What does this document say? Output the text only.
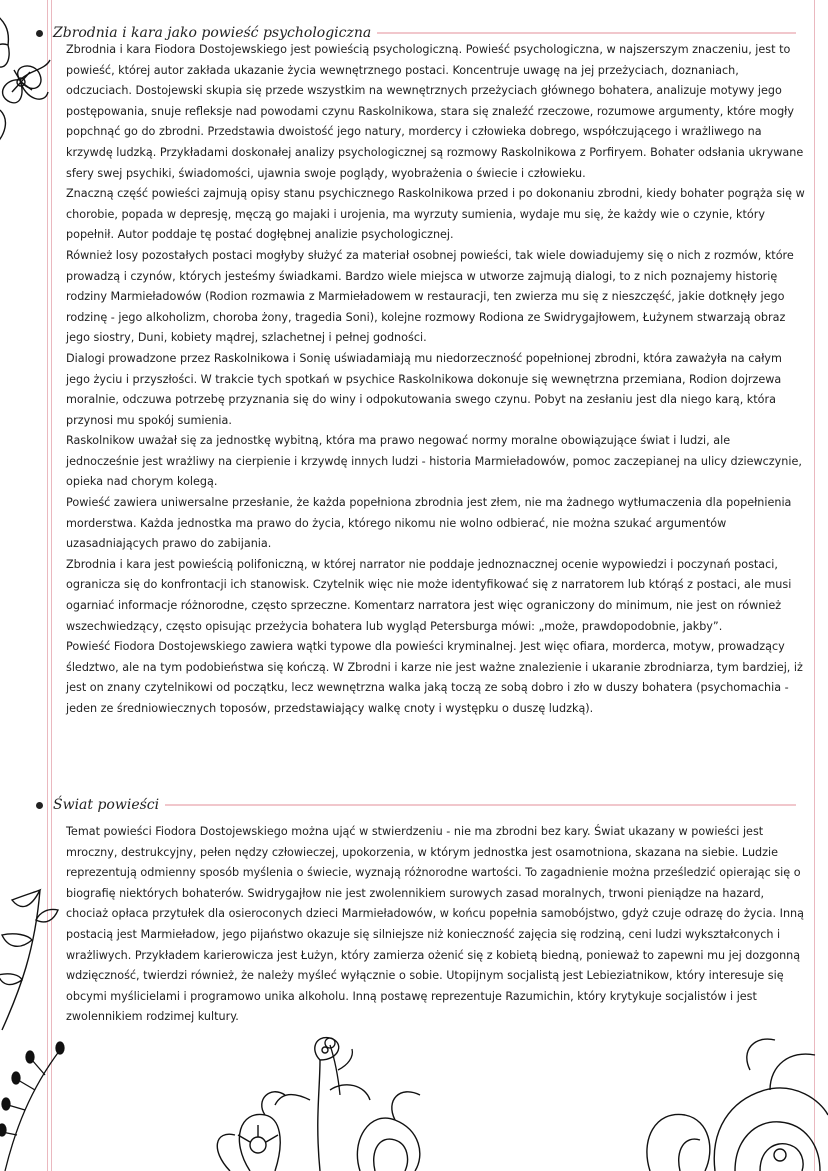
Zbrodnia i kara jako powieść psychologiczna

Zbrodnia i kara Fiodora Dostojewskiego jest powieścią psychologiczną. Powieść psychologiczna, w najszerszym znaczeniu, jest to powieść, której autor zakłada ukazanie życia wewnętrznego postaci. Koncentruje uwagę na jej przeżyciach, doznaniach, odczuciach. Dostojewski skupia się przede wszystkim na wewnętrznych przeżyciach głównego bohatera, analizuje motywy jego postępowania, snuje refleksje nad powodami czynu Raskolnikowa, stara się znaleźć rzeczowe, rozumowe argumenty, które mogły popchnąć go do zbrodni. Przedstawia dwoistość jego natury, mordercy i człowieka dobrego, współczującego i wrażliwego na krzywdę ludzką. Przykładami doskonałej analizy psychologicznej są rozmowy Raskolnikowa z Porfiryem. Bohater odsłania ukrywane sfery swej psychiki, świadomości, ujawnia swoje poglądy, wyobrażenia o świecie i człowieku.

Znaczną część powieści zajmują opisy stanu psychicznego Raskolnikowa przed i po dokonaniu zbrodni, kiedy bohater pogrąża się w chorobie, popada w depresję, męczą go majaki i urojenia, ma wyrzuty sumienia, wydaje mu się, że każdy wie o czynie, który popełnił. Autor poddaje tę postać dogłębnej analizie psychologicznej.

Również losy pozostałych postaci mogłyby służyć za materiał osobnej powieści, tak wiele dowiadujemy się o nich z rozmów, które prowadzą i czynów, których jesteśmy świadkami. Bardzo wiele miejsca w utworze zajmują dialogi, to z nich poznajemy historię rodziny Marmieładowów (Rodion rozmawia z Marmieładowem w restauracji, ten zwierza mu się z nieszczęść, jakie dotknęły jego rodzinę - jego alkoholizm, choroba żony, tragedia Soni), kolejne rozmowy Rodiona ze Swidrygajłowem, Łużynem stwarzają obraz jego siostry, Duni, kobiety mądrej, szlachetnej i pełnej godności.

Dialogi prowadzone przez Raskolnikowa i Sonię uświadamiają mu niedorzeczność popełnionej zbrodni, która zaważyła na całym jego życiu i przyszłości. W trakcie tych spotkań w psychice Raskolnikowa dokonuje się wewnętrzna przemiana, Rodion dojrzewa moralnie, odczuwa potrzebę przyznania się do winy i odpokutowania swego czynu. Pobyt na zesłaniu jest dla niego karą, która przynosi mu spokój sumienia.

Raskolnikow uważał się za jednostkę wybitną, która ma prawo negować normy moralne obowiązujące świat i ludzi, ale jednocześnie jest wrażliwy na cierpienie i krzywdę innych ludzi - historia Marmieładowów, pomoc zaczepianej na ulicy dziewczynie, opieka nad chorym kolegą.

Powieść zawiera uniwersalne przesłanie, że każda popełniona zbrodnia jest złem, nie ma żadnego wytłumaczenia dla popełnienia morderstwa. Każda jednostka ma prawo do życia, którego nikomu nie wolno odbierać, nie można szukać argumentów uzasadniających prawo do zabijania.

Zbrodnia i kara jest powieścią polifoniczną, w której narrator nie poddaje jednoznacznej ocenie wypowiedzi i poczynań postaci, ogranicza się do konfrontacji ich stanowisk. Czytelnik więc nie może identyfikować się z narratorem lub którąś z postaci, ale musi ogarniać informacje różnorodne, często sprzeczne. Komentarz narratora jest więc ograniczony do minimum, nie jest on również wszechwiedzący, często opisując przeżycia bohatera lub wygląd Petersburga mówi: „może, prawdopodobnie, jakby”.

Powieść Fiodora Dostojewskiego zawiera wątki typowe dla powieści kryminalnej. Jest więc ofiara, morderca, motyw, prowadzący śledztwo, ale na tym podobieństwa się kończą. W Zbrodni i karze nie jest ważne znalezienie i ukaranie zbrodniarza, tym bardziej, iż jest on znany czytelnikowi od początku, lecz wewnętrzna walka jaką toczą ze sobą dobro i zło w duszy bohatera (psychomachia - jeden ze średniowiecznych toposów, przedstawiający walkę cnoty i występku o duszę ludzką).

Świat powieści

Temat powieści Fiodora Dostojewskiego można ująć w stwierdzeniu - nie ma zbrodni bez kary. Świat ukazany w powieści jest mroczny, destrukcyjny, pełen nędzy człowieczej, upokorzenia, w którym jednostka jest osamotniona, skazana na siebie. Ludzie reprezentują odmienny sposób myślenia o świecie, wyznają różnorodne wartości. To zagadnienie można prześledzić opierając się o biografię niektórych bohaterów. Swidrygajłow nie jest zwolennikiem surowych zasad moralnych, trwoni pieniądze na hazard, chociaż opłaca przytułek dla osieroconych dzieci Marmieładowów, w końcu popełnia samobójstwo, gdyż czuje odrazę do życia. Inną postacią jest Marmieładow, jego pijaństwo okazuje się silniejsze niż konieczność zajęcia się rodziną, ceni ludzi wykształconych i wrażliwych. Przykładem karierowicza jest Łużyn, który zamierza ożenić się z kobietą biedną, ponieważ to zapewni mu jej dozgonną wdzięczność, twierdzi również, że należy myśleć wyłącznie o sobie. Utopijnym socjalistą jest Lebieziatnikow, który interesuje się obcymi myślicielami i programowo unika alkoholu. Inną postawę reprezentuje Razumichin, który krytykuje socjalistów i jest zwolennikiem rodzimej kultury.
